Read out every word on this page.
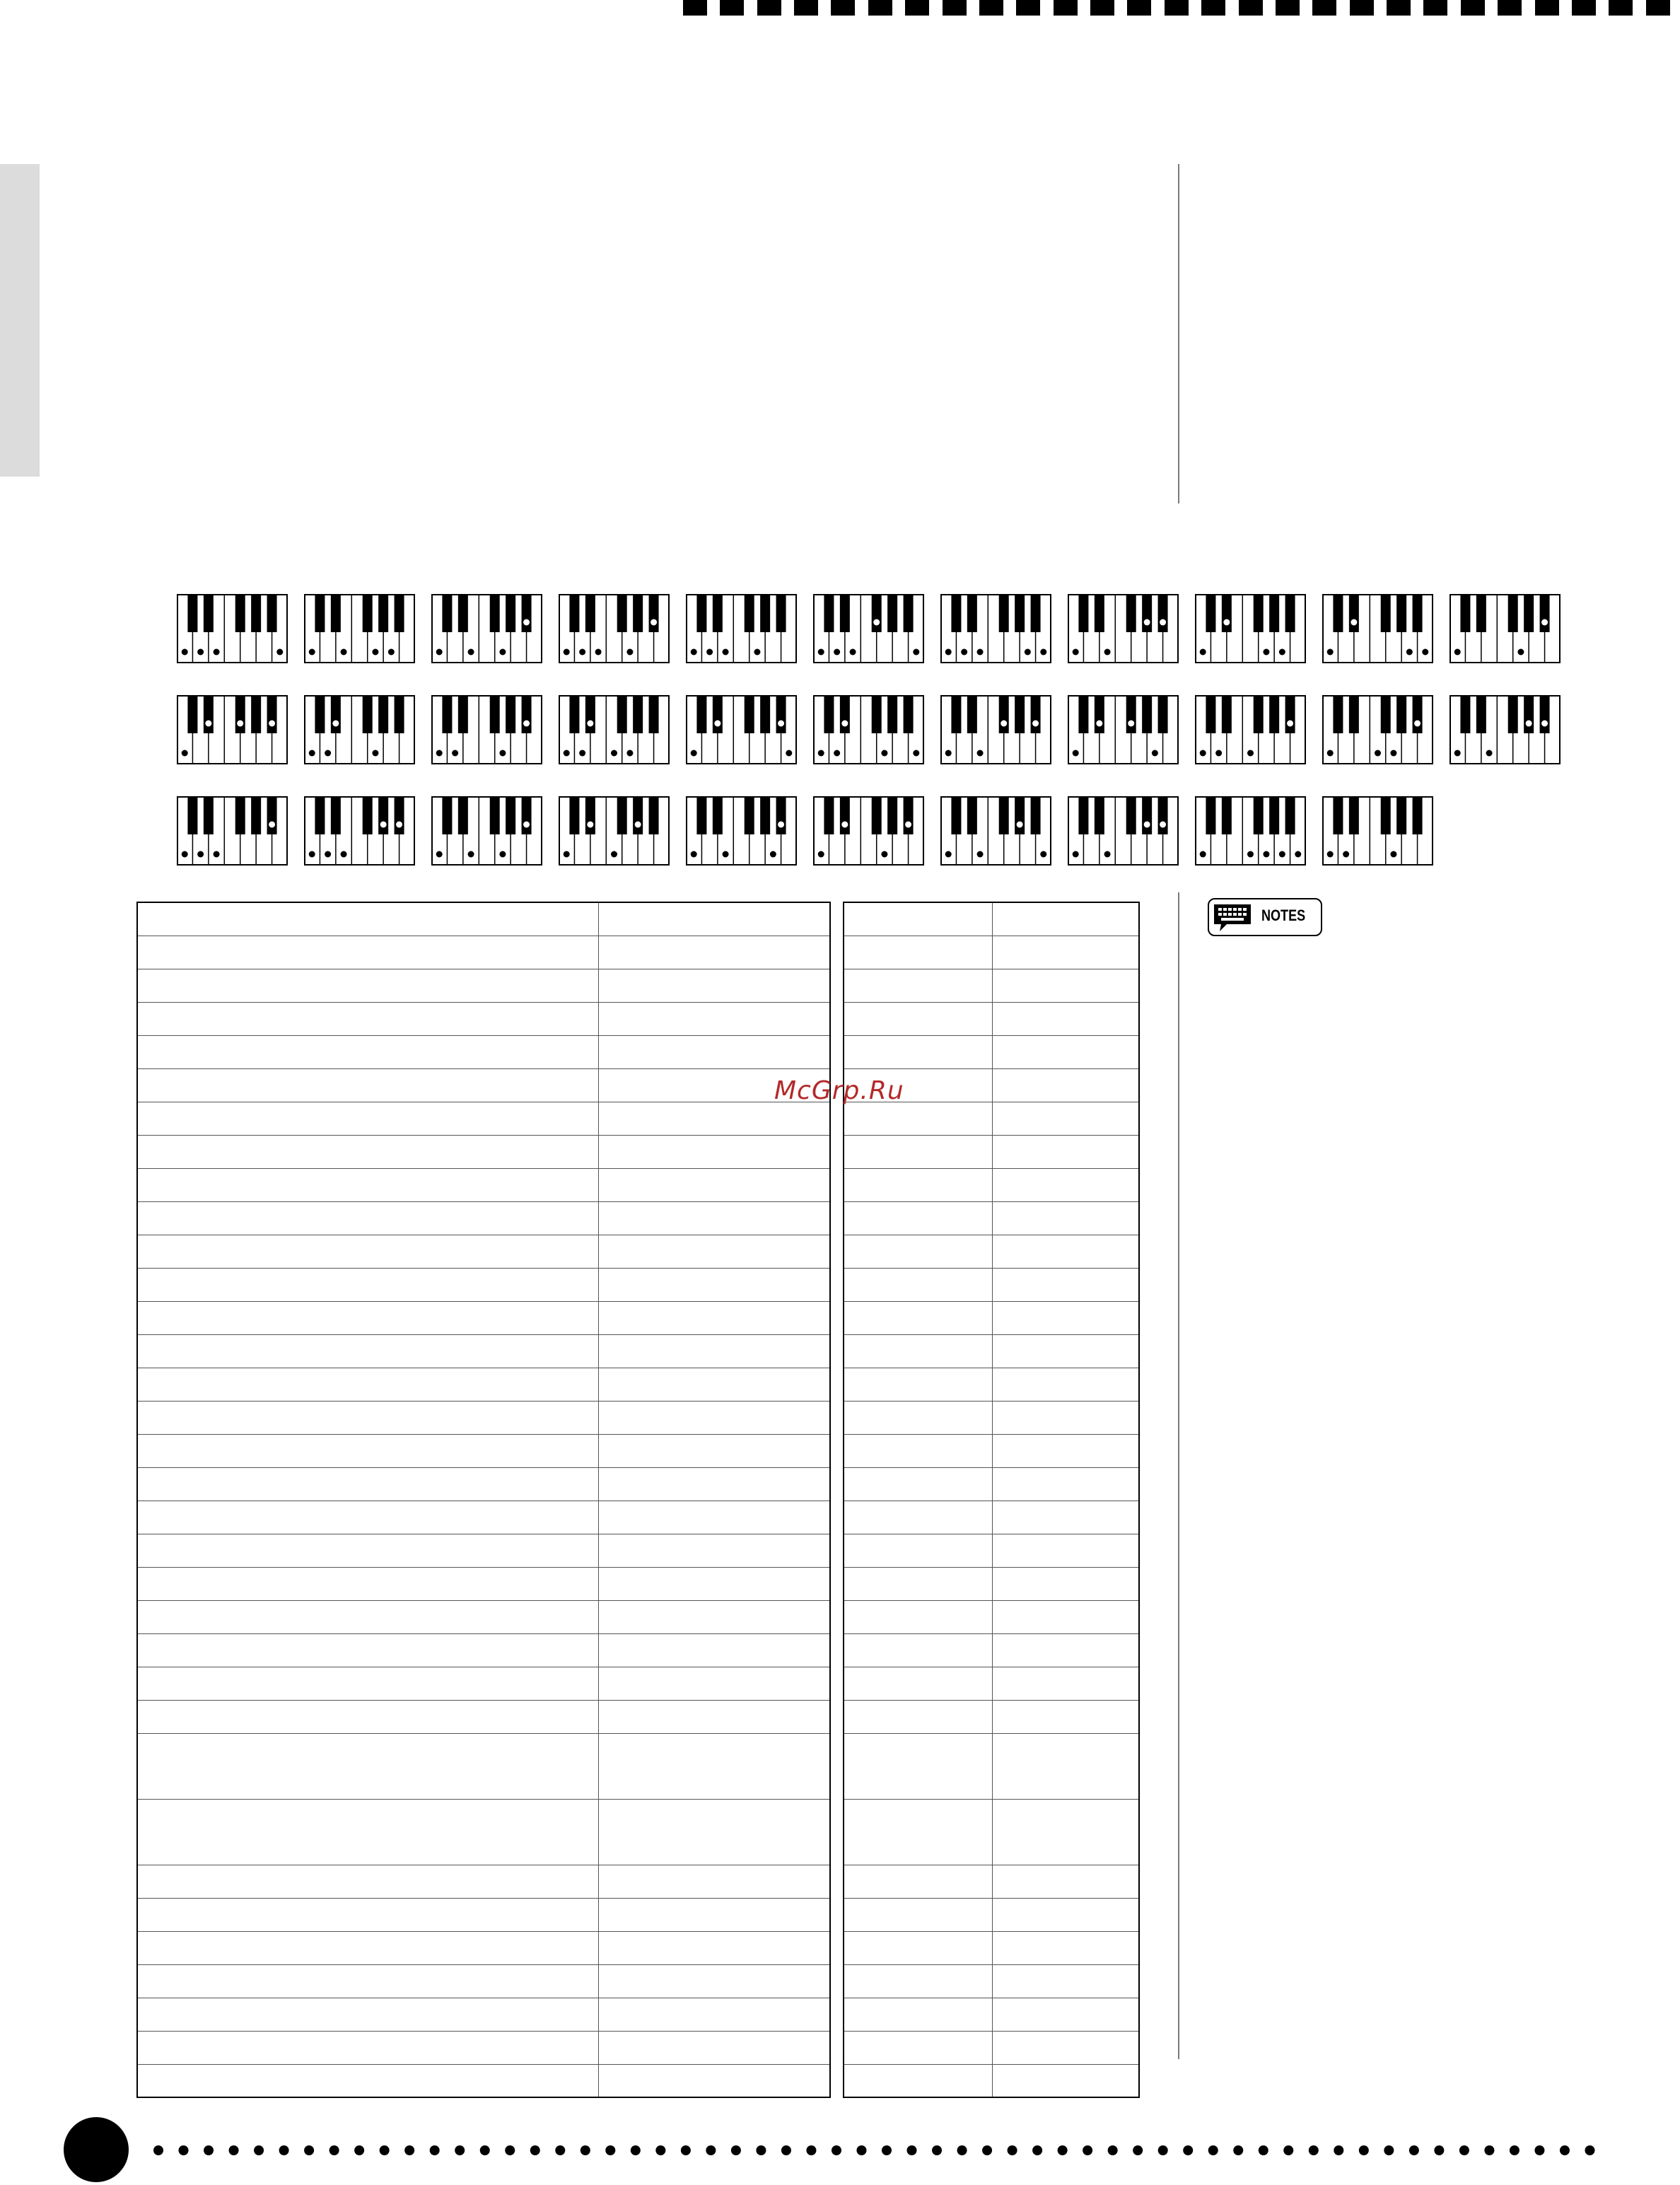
McGrp.Ru
NOTES
